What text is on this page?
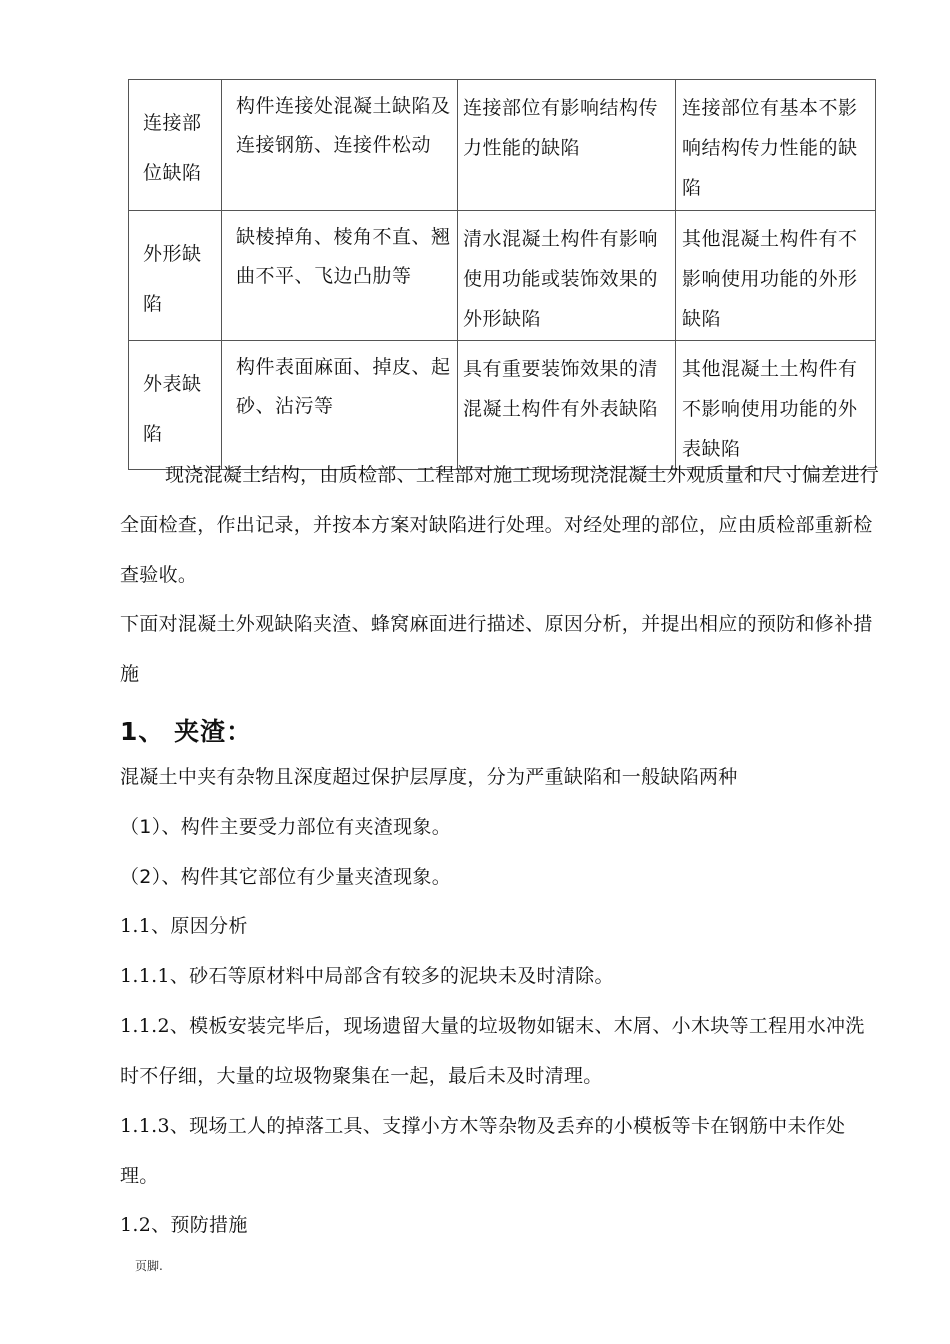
连接部位缺陷	构件连接处混凝土缺陷及连接钢筋、连接件松动	连接部位有影响结构传力性能的缺陷	连接部位有基本不影响结构传力性能的缺陷
外形缺陷	缺棱掉角、棱角不直、翘曲不平、飞边凸肋等	清水混凝土构件有影响使用功能或装饰效果的外形缺陷	其他混凝土构件有不影响使用功能的外形缺陷
外表缺陷	构件表面麻面、掉皮、起砂、沾污等	具有重要装饰效果的清混凝土构件有外表缺陷	其他混凝土土构件有不影响使用功能的外表缺陷

现浇混凝土结构，由质检部、工程部对施工现场现浇混凝土外观质量和尺寸偏差进行全面检查，作出记录，并按本方案对缺陷进行处理。对经处理的部位，应由质检部重新检查验收。

下面对混凝土外观缺陷夹渣、蜂窝麻面进行描述、原因分析，并提出相应的预防和修补措施

1、 夹渣：

混凝土中夹有杂物且深度超过保护层厚度，分为严重缺陷和一般缺陷两种

（1）、构件主要受力部位有夹渣现象。

（2）、构件其它部位有少量夹渣现象。

1.1、原因分析

1.1.1、砂石等原材料中局部含有较多的泥块未及时清除。

1.1.2、模板安装完毕后，现场遗留大量的垃圾物如锯末、木屑、小木块等工程用水冲洗时不仔细，大量的垃圾物聚集在一起，最后未及时清理。

1.1.3、现场工人的掉落工具、支撑小方木等杂物及丢弃的小模板等卡在钢筋中未作处理。

1.2、预防措施

页脚.
